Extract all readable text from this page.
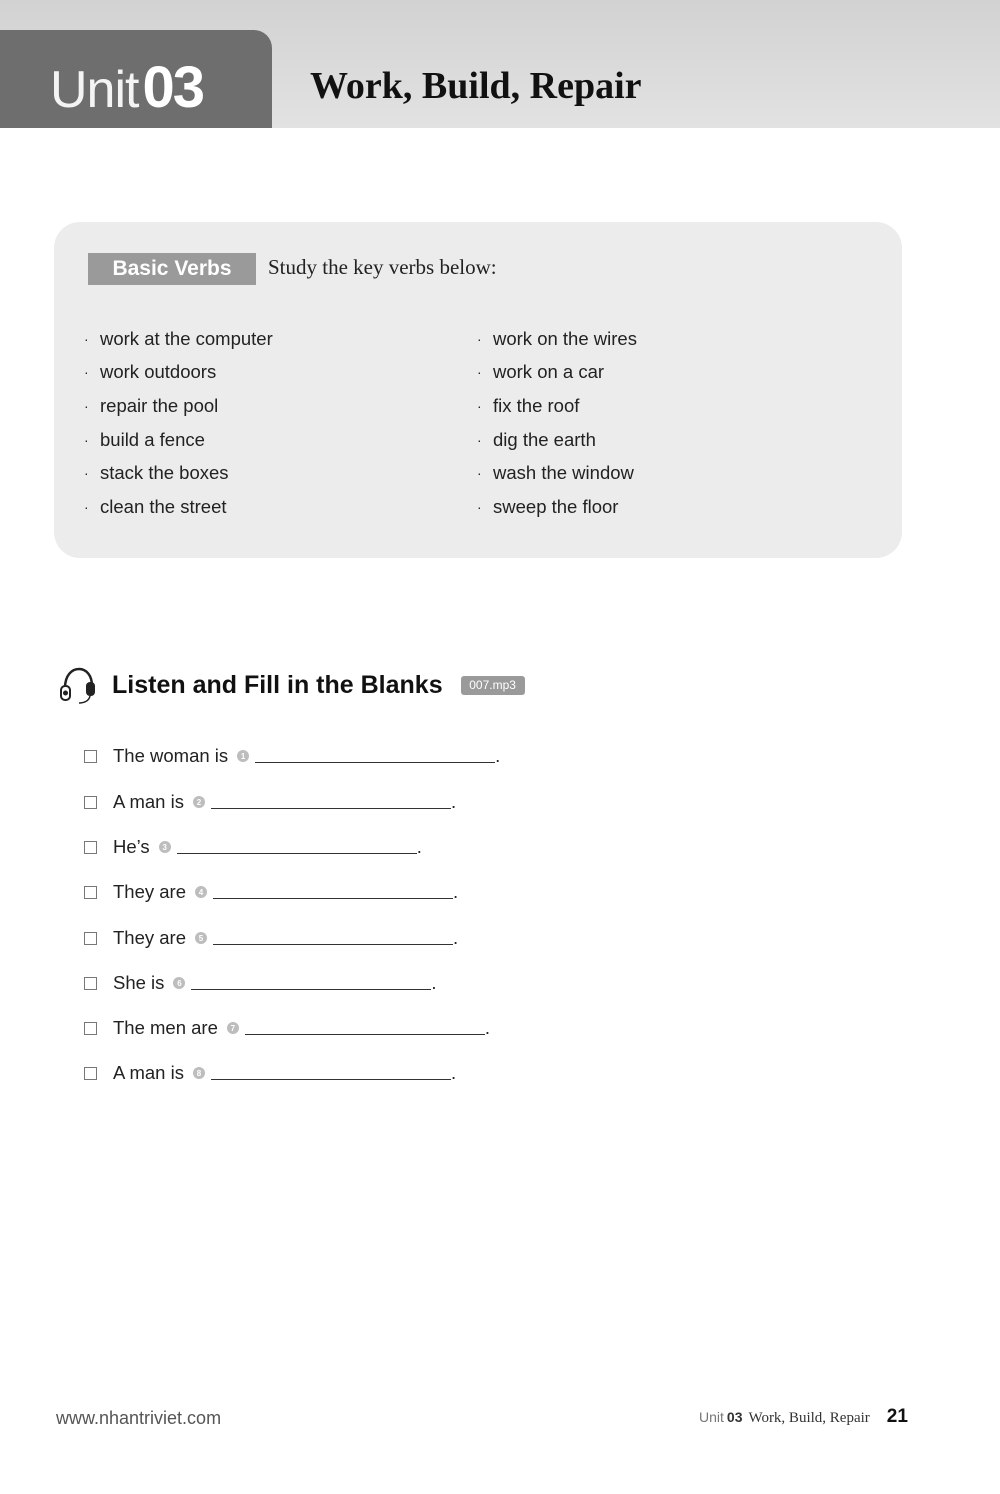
Unit 03	Work, Build, Repair
Basic Verbs	Study the key verbs below:
· work at the computer
· work outdoors
· repair the pool
· build a fence
· stack the boxes
· clean the street
· work on the wires
· work on a car
· fix the roof
· dig the earth
· wash the window
· sweep the floor
Listen and Fill in the Blanks	007.mp3
The woman is	1	.
A man is	2	.
He’s	3	.
They are	4	.
They are	5	.
She is	6	.
The men are	7	.
A man is	8	.
www.nhantriviet.com	Unit 03 Work, Build, Repair 21
